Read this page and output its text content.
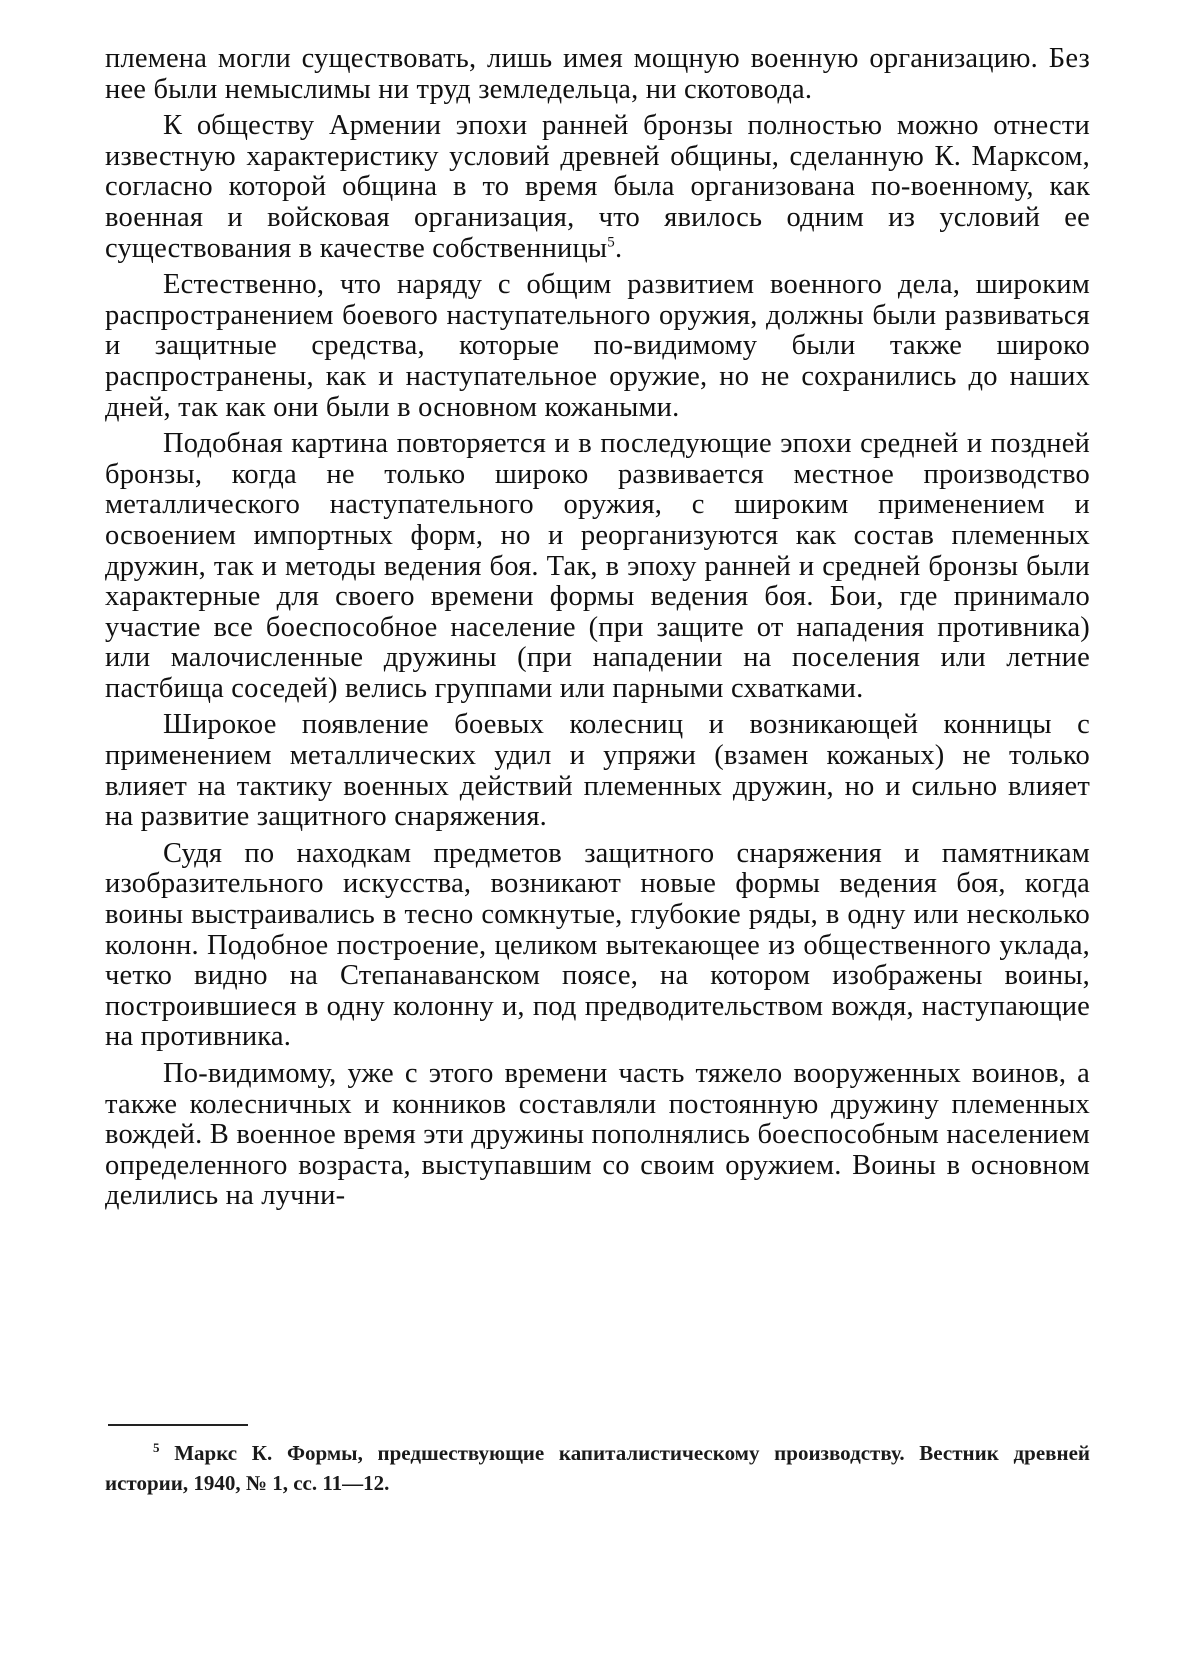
племена могли существовать, лишь имея мощную военную организацию. Без нее были немыслимы ни труд земледельца, ни скотовода.

К обществу Армении эпохи ранней бронзы полностью можно отнести известную характеристику условий древней общины, сделанную К. Марксом, согласно которой община в то время была организована по-военному, как военная и войсковая организация, что явилось одним из условий ее существования в качестве собственницы$^5$.

Естественно, что наряду с общим развитием военного дела, широким распространением боевого наступательного оружия, должны были развиваться и защитные средства, которые по-видимому были также широко распространены, как и наступательное оружие, но не сохранились до наших дней, так как они были в основном кожаными.

Подобная картина повторяется и в последующие эпохи средней и поздней бронзы, когда не только широко развивается местное производство металлического наступательного оружия, с широким применением и освоением импортных форм, но и реорганизуются как состав племенных дружин, так и методы ведения боя. Так, в эпоху ранней и средней бронзы были характерные для своего времени формы ведения боя. Бои, где принимало участие все боеспособное население (при защите от нападения противника) или малочисленные дружины (при нападении на поселения или летние пастбища соседей) велись группами или парными схватками.

Широкое появление боевых колесниц и возникающей конницы с применением металлических удил и упряжи (взамен кожаных) не только влияет на тактику военных действий племенных дружин, но и сильно влияет на развитие защитного снаряжения.

Судя по находкам предметов защитного снаряжения и памятникам изобразительного искусства, возникают новые формы ведения боя, когда воины выстраивались в тесно сомкнутые, глубокие ряды, в одну или несколько колонн. Подобное построение, целиком вытекающее из общественного уклада, четко видно на Степанаванском поясе, на котором изображены воины, построившиеся в одну колонну и, под предводительством вождя, наступающие на противника.

По-видимому, уже с этого времени часть тяжело вооруженных воинов, а также колесничных и конников составляли постоянную дружину племенных вождей. В военное время эти дружины пополнялись боеспособным населением определенного возраста, выступавшим со своим оружием. Воины в основном делились на лучни-

$^5$ Маркс К. Формы, предшествующие капиталистическому производству. Вестник древней истории, 1940, № 1, сс. 11—12.
